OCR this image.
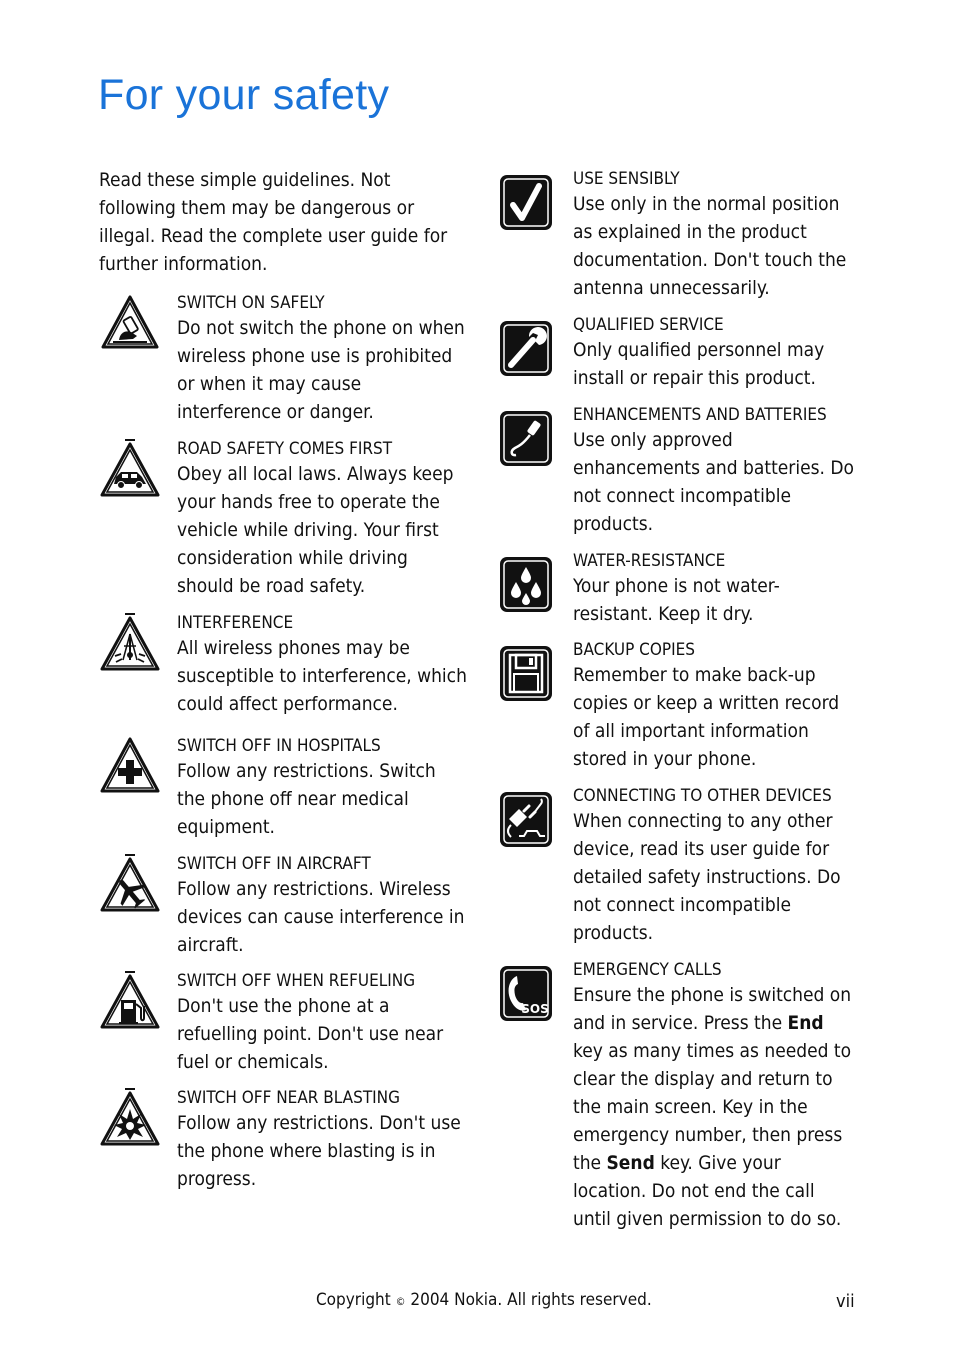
For your safety

Read these simple guidelines. Not following them may be dangerous or illegal. Read the complete user guide for further information.

SWITCH ON SAFELY

Do not switch the phone on when wireless phone use is prohibited or when it may cause interference or danger.

ROAD SAFETY COMES FIRST

Obey all local laws. Always keep your hands free to operate the vehicle while driving. Your first consideration while driving should be road safety.

INTERFERENCE

All wireless phones may be susceptible to interference, which could affect performance.

SWITCH OFF IN HOSPITALS

Follow any restrictions. Switch the phone off near medical equipment.

SWITCH OFF IN AIRCRAFT

Follow any restrictions. Wireless devices can cause interference in aircraft.

SWITCH OFF WHEN REFUELING

Don't use the phone at a refuelling point. Don't use near fuel or chemicals.

SWITCH OFF NEAR BLASTING

Follow any restrictions. Don't use the phone where blasting is in progress.

USE SENSIBLY

Use only in the normal position as explained in the product documentation. Don't touch the antenna unnecessarily.

QUALIFIED SERVICE

Only qualified personnel may install or repair this product.

ENHANCEMENTS AND BATTERIES

Use only approved enhancements and batteries. Do not connect incompatible products.

WATER-RESISTANCE

Your phone is not water-resistant. Keep it dry.

BACKUP COPIES

Remember to make back-up copies or keep a written record of all important information stored in your phone.

CONNECTING TO OTHER DEVICES

When connecting to any other device, read its user guide for detailed safety instructions. Do not connect incompatible products.

SOS
EMERGENCY CALLS

Ensure the phone is switched on and in service. Press the End key as many times as needed to clear the display and return to the main screen. Key in the emergency number, then press the Send key. Give your location. Do not end the call until given permission to do so.

Copyright © 2004 Nokia. All rights reserved.	vii
